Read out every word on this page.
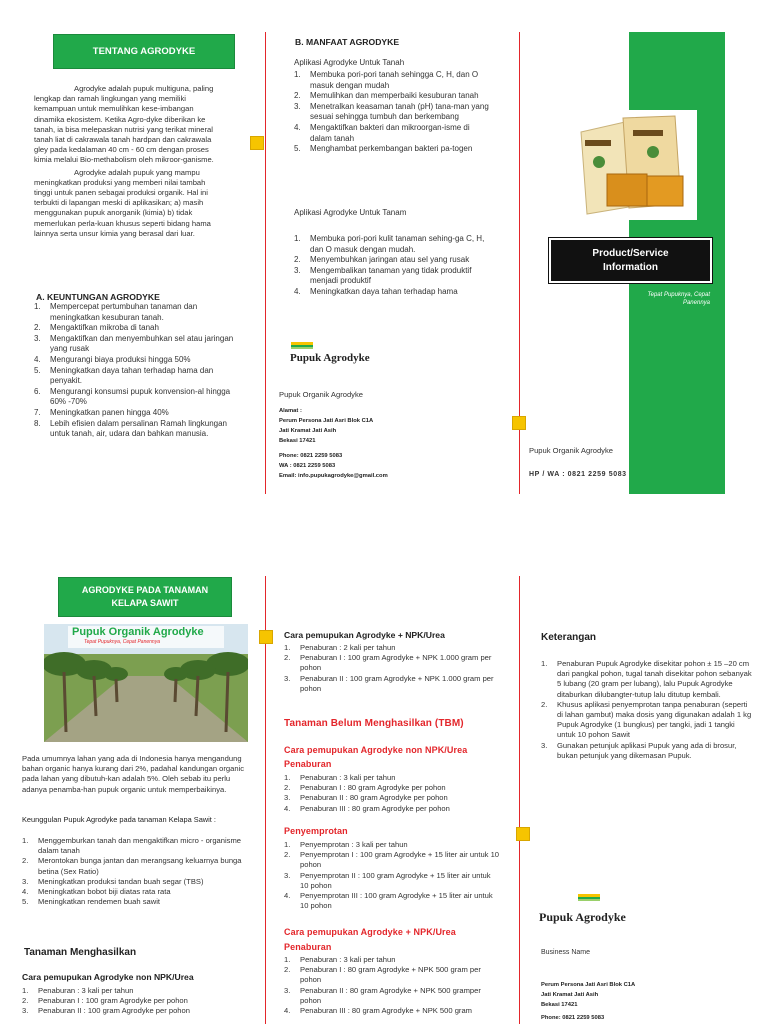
TENTANG AGRODYKE

Agrodyke adalah pupuk multiguna, paling lengkap dan ramah lingkungan yang memiliki kemampuan untuk memulihkan kese-imbangan dinamika ekosistem. Ketika Agro-dyke diberikan ke tanah, ia bisa melepaskan nutrisi yang terikat mineral tanah liat di cakrawala tanah hardpan dan cakrawala gley pada kedalaman 40 cm - 60 cm dengan proses kimia melalui Bio-methabolism oleh mikroor-ganisme.

Agrodyke adalah pupuk yang mampu meningkatkan produksi yang memberi nilai tambah tinggi untuk panen sebagai produksi organik. Hal ini terbukti di lapangan meski di aplikasikan; a) masih menggunakan pupuk anorganik (kimia) b) tidak memerlukan perla-kuan khusus seperti bidang hama lainnya serta unsur kimia yang berasal dari luar.

A. KEUNTUNGAN AGRODYKE
1. Mempercepat pertumbuhan tanaman dan meningkatkan kesuburan tanah.
2. Mengaktifkan mikroba di tanah
3. Mengaktifkan dan menyembuhkan sel atau jaringan yang rusak
4. Mengurangi biaya produksi hingga 50%
5. Meningkatkan daya tahan terhadap hama dan penyakit.
6. Mengurangi konsumsi pupuk konvension-al hingga 60% -70%
7. Meningkatkan panen hingga 40%
8. Lebih efisien dalam persalinan Ramah lingkungan untuk tanah, air, udara dan bahkan manusia.
B. MANFAAT AGRODYKE
Aplikasi Agrodyke Untuk Tanah
1. Membuka pori-pori tanah sehingga C, H, dan O masuk dengan mudah
2. Memulihkan dan memperbaiki kesuburan tanah
3. Menetralkan keasaman tanah (pH) tana-man yang sesuai sehingga tumbuh dan berkembang
4. Mengaktifkan bakteri dan mikroorgan-isme di dalam tanah
5. Menghambat perkembangan bakteri pa-togen
Aplikasi Agrodyke Untuk Tanam
1. Membuka pori-pori kulit tanaman sehing-ga C, H, dan O masuk dengan mudah.
2. Menyembuhkan jaringan atau sel yang rusak
3. Mengembalikan tanaman yang tidak produktif menjadi produktif
4. Meningkatkan daya tahan terhadap hama
Pupuk Agrodyke
Pupuk Organik Agrodyke
Alamat :
Perum Persona Jati Asri Blok C1A
Jati Kramat Jati Asih
Bekasi 17421
Phone: 0821 2259 5083
WA : 0821 2259 5083
Email: info.pupukagrodyke@gmail.com
Product/Service Information
Tepat Pupuknya, Cepat Panennya
Pupuk Organik Agrodyke
HP / WA : 0821 2259 5083
AGRODYKE PADA TANAMAN KELAPA SAWIT
Pupuk Organik Agrodyke
Tepat Pupuknya, Cepat Panennya
Pada umumnya lahan yang ada di Indonesia hanya mengandung bahan organic hanya kurang dari 2%, padahal kandungan organic pada lahan yang dibutuh-kan adalah 5%. Oleh sebab itu perlu adanya penamba-han pupuk organic untuk memperbaikinya.
Keunggulan Pupuk Agrodyke pada tanaman Kelapa Sawit :
1. Menggemburkan tanah dan mengaktifkan micro - organisme dalam tanah
2. Merontokan bunga jantan dan merangsang keluarnya bunga betina (Sex Ratio)
3. Meningkatkan produksi tandan buah segar (TBS)
4. Meningkatkan bobot biji diatas rata rata
5. Meningkatkan rendemen buah sawit
Tanaman Menghasilkan
Cara pemupukan Agrodyke non NPK/Urea
1. Penaburan : 3 kali per tahun
2. Penaburan I : 100 gram Agrodyke per pohon
3. Penaburan II : 100 gram Agrodyke per pohon
Cara pemupukan Agrodyke + NPK/Urea
1. Penaburan : 2 kali per tahun
2. Penaburan I : 100 gram Agrodyke + NPK 1.000 gram per pohon
3. Penaburan II : 100 gram Agrodyke + NPK 1.000 gram per pohon
Tanaman Belum Menghasilkan (TBM)
Cara pemupukan Agrodyke non NPK/Urea
Penaburan
1. Penaburan : 3 kali per tahun
2. Penaburan I : 80 gram Agrodyke per pohon
3. Penaburan II : 80 gram Agrodyke per pohon
4. Penaburan III : 80 gram Agrodyke per pohon
Penyemprotan
1. Penyemprotan : 3 kali per tahun
2. Penyemprotan I : 100 gram Agrodyke + 15 liter air untuk 10 pohon
3. Penyemprotan II : 100 gram Agrodyke + 15 liter air untuk 10 pohon
4. Penyemprotan III : 100 gram Agrodyke + 15 liter air untuk 10 pohon
Cara pemupukan Agrodyke + NPK/Urea
Penaburan
1. Penaburan : 3 kali per tahun
2. Penaburan I : 80 gram Agrodyke + NPK 500 gram per pohon
3. Penaburan II : 80 gram Agrodyke + NPK 500 gramper pohon
4. Penaburan III : 80 gram Agrodyke + NPK 500 gram
Keterangan
1. Penaburan Pupuk Agrodyke disekitar pohon ± 15 –20 cm dari pangkal pohon, tugal tanah disekitar pohon sebanyak 5 lubang (20 gram per lubang), lalu Pupuk Agrodyke ditaburkan dilubangter-tutup lalu ditutup kembali.
2. Khusus aplikasi penyemprotan tanpa penaburan (seperti di lahan gambut) maka dosis yang digunakan adalah 1 kg Pupuk Agrodyke (1 bungkus) per tangki, jadi 1 tangki untuk 10 pohon Sawit
3. Gunakan petunjuk aplikasi Pupuk yang ada di brosur, bukan petunjuk yang dikemasan Pupuk.
Pupuk Agrodyke
Business Name
Perum Persona Jati Asri Blok C1A
Jati Kramat Jati Asih
Bekasi 17421
Phone: 0821 2259 5083
